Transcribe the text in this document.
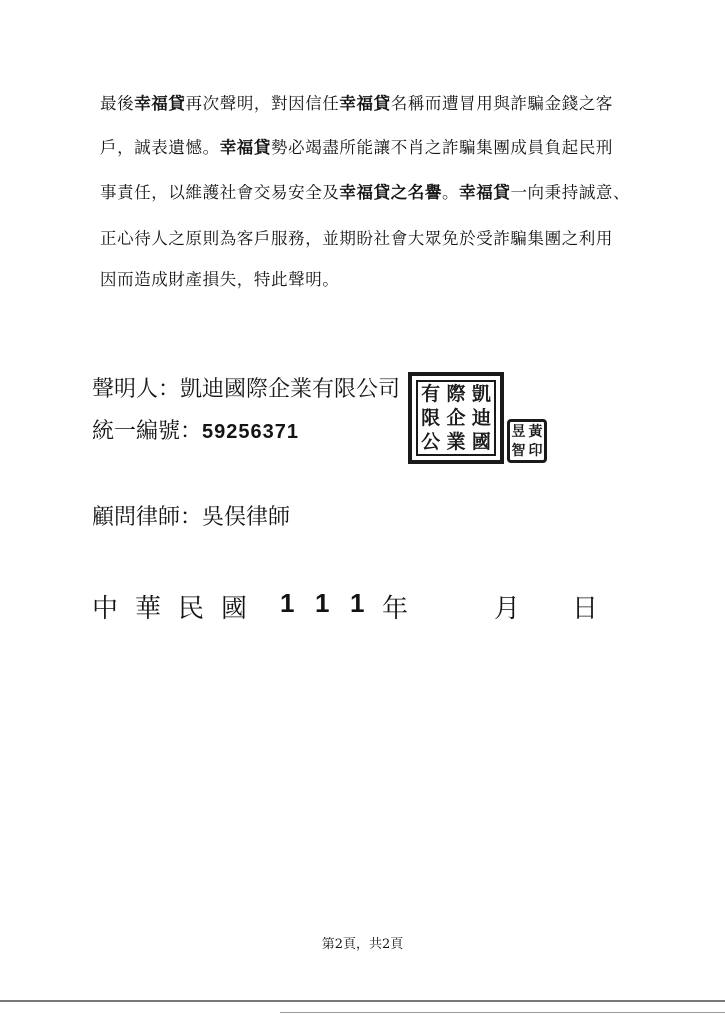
最後幸福貸再次聲明，對因信任幸福貸名稱而遭冒用與詐騙金錢之客
戶，誠表遺憾。幸福貸勢必竭盡所能讓不肖之詐騙集團成員負起民刑
事責任，以維護社會交易安全及幸福貸之名譽。幸福貸一向秉持誠意、
正心待人之原則為客戶服務，並期盼社會大眾免於受詐騙集團之利用
因而造成財產損失，特此聲明。
聲明人：凱迪國際企業有限公司
統一編號：59256371
有 際 凱
限 企 迪
公 業 國 昱 黃
智 印
顧問律師：吳俣律師
中華民國 111
年	月 日
第2頁，共2頁
